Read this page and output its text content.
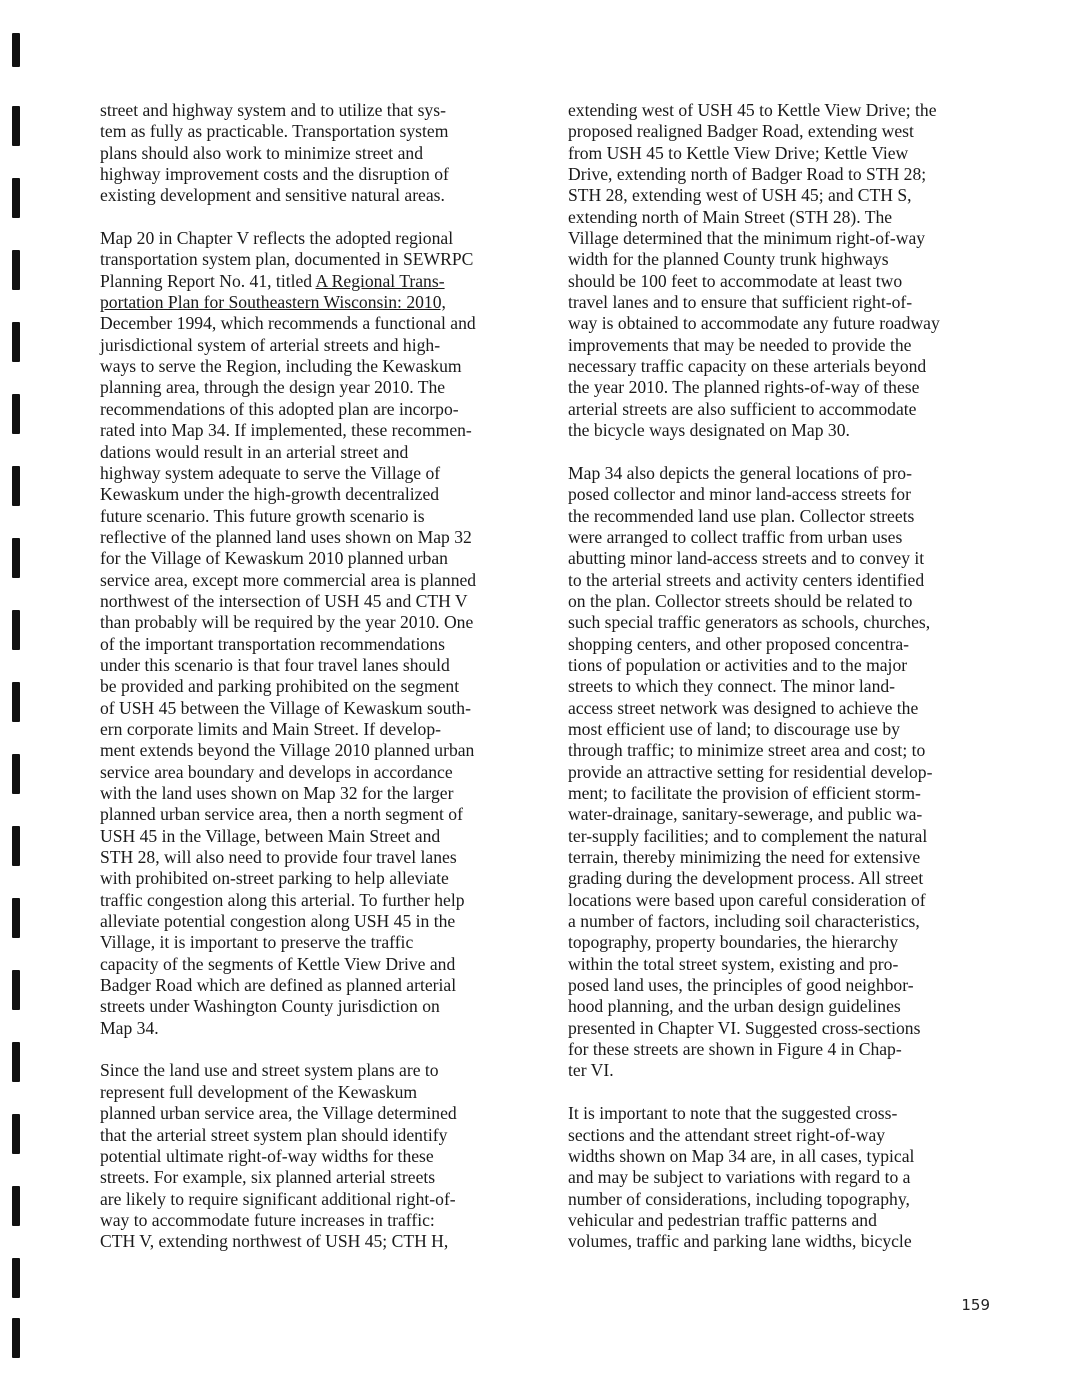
street and highway system and to utilize that sys-
tem as fully as practicable. Transportation system
plans should also work to minimize street and
highway improvement costs and the disruption of
existing development and sensitive natural areas.

Map 20 in Chapter V reflects the adopted regional
transportation system plan, documented in SEWRPC
Planning Report No. 41, titled A Regional Trans-
portation Plan for Southeastern Wisconsin: 2010,
December 1994, which recommends a functional and
jurisdictional system of arterial streets and high-
ways to serve the Region, including the Kewaskum
planning area, through the design year 2010. The
recommendations of this adopted plan are incorpo-
rated into Map 34. If implemented, these recommen-
dations would result in an arterial street and
highway system adequate to serve the Village of
Kewaskum under the high-growth decentralized
future scenario. This future growth scenario is
reflective of the planned land uses shown on Map 32
for the Village of Kewaskum 2010 planned urban
service area, except more commercial area is planned
northwest of the intersection of USH 45 and CTH V
than probably will be required by the year 2010. One
of the important transportation recommendations
under this scenario is that four travel lanes should
be provided and parking prohibited on the segment
of USH 45 between the Village of Kewaskum south-
ern corporate limits and Main Street. If develop-
ment extends beyond the Village 2010 planned urban
service area boundary and develops in accordance
with the land uses shown on Map 32 for the larger
planned urban service area, then a north segment of
USH 45 in the Village, between Main Street and
STH 28, will also need to provide four travel lanes
with prohibited on-street parking to help alleviate
traffic congestion along this arterial. To further help
alleviate potential congestion along USH 45 in the
Village, it is important to preserve the traffic
capacity of the segments of Kettle View Drive and
Badger Road which are defined as planned arterial
streets under Washington County jurisdiction on
Map 34.

Since the land use and street system plans are to
represent full development of the Kewaskum
planned urban service area, the Village determined
that the arterial street system plan should identify
potential ultimate right-of-way widths for these
streets. For example, six planned arterial streets
are likely to require significant additional right-of-
way to accommodate future increases in traffic:
CTH V, extending northwest of USH 45; CTH H,

extending west of USH 45 to Kettle View Drive; the
proposed realigned Badger Road, extending west
from USH 45 to Kettle View Drive; Kettle View
Drive, extending north of Badger Road to STH 28;
STH 28, extending west of USH 45; and CTH S,
extending north of Main Street (STH 28). The
Village determined that the minimum right-of-way
width for the planned County trunk highways
should be 100 feet to accommodate at least two
travel lanes and to ensure that sufficient right-of-
way is obtained to accommodate any future roadway
improvements that may be needed to provide the
necessary traffic capacity on these arterials beyond
the year 2010. The planned rights-of-way of these
arterial streets are also sufficient to accommodate
the bicycle ways designated on Map 30.

Map 34 also depicts the general locations of pro-
posed collector and minor land-access streets for
the recommended land use plan. Collector streets
were arranged to collect traffic from urban uses
abutting minor land-access streets and to convey it
to the arterial streets and activity centers identified
on the plan. Collector streets should be related to
such special traffic generators as schools, churches,
shopping centers, and other proposed concentra-
tions of population or activities and to the major
streets to which they connect. The minor land-
access street network was designed to achieve the
most efficient use of land; to discourage use by
through traffic; to minimize street area and cost; to
provide an attractive setting for residential develop-
ment; to facilitate the provision of efficient storm-
water-drainage, sanitary-sewerage, and public wa-
ter-supply facilities; and to complement the natural
terrain, thereby minimizing the need for extensive
grading during the development process. All street
locations were based upon careful consideration of
a number of factors, including soil characteristics,
topography, property boundaries, the hierarchy
within the total street system, existing and pro-
posed land uses, the principles of good neighbor-
hood planning, and the urban design guidelines
presented in Chapter VI. Suggested cross-sections
for these streets are shown in Figure 4 in Chap-
ter VI.

It is important to note that the suggested cross-
sections and the attendant street right-of-way
widths shown on Map 34 are, in all cases, typical
and may be subject to variations with regard to a
number of considerations, including topography,
vehicular and pedestrian traffic patterns and
volumes, traffic and parking lane widths, bicycle

159
